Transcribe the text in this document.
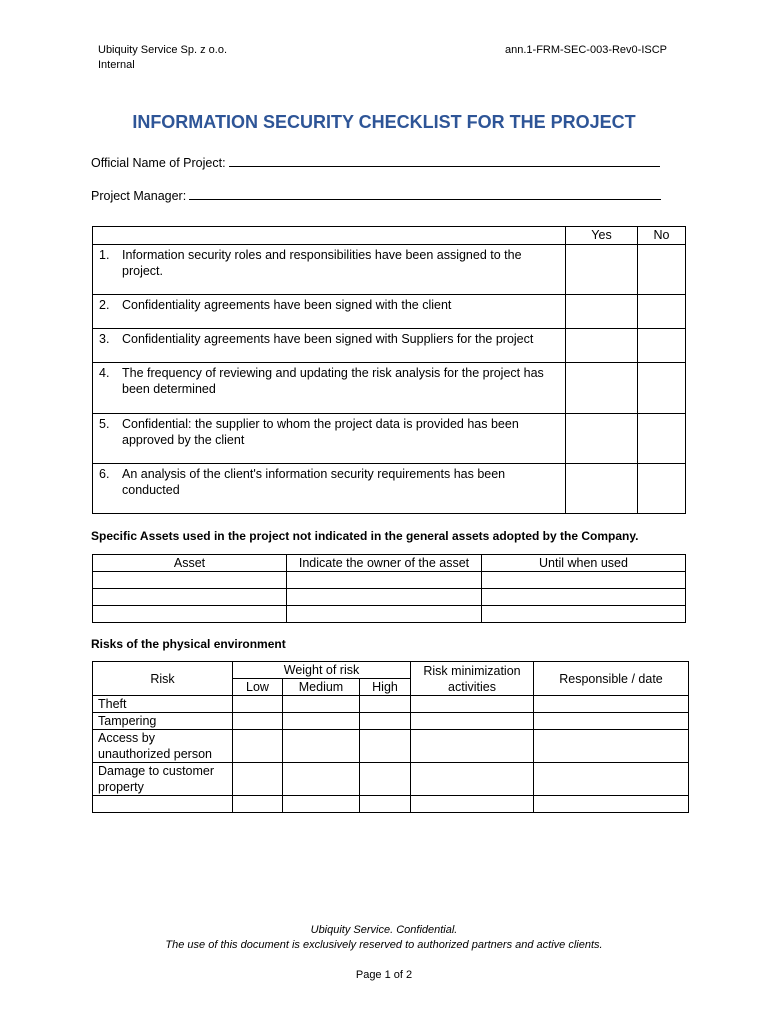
Ubiquity Service Sp. z o.o.
Internal
ann.1-FRM-SEC-003-Rev0-ISCP
INFORMATION SECURITY CHECKLIST FOR THE PROJECT
Official Name of Project:
Project Manager:
	Yes	No

1. Information security roles and responsibilities have been assigned to the project.		

2. Confidentiality agreements have been signed with the client		

3. Confidentiality agreements have been signed with Suppliers for the project		

4. The frequency of reviewing and updating the risk analysis for the project has been determined		

5. Confidential: the supplier to whom the project data is provided has been approved by the client		

6. An analysis of the client's information security requirements has been conducted		

Specific Assets used in the project not indicated in the general assets adopted by the Company.
Asset	Indicate the owner of the asset	Until when used

Risks of the physical environment
Risk	Weight of risk			Risk minimization activities	Responsible / date
	Low	Medium	High		
Theft					
Tampering					
Access by unauthorized person					
Damage to customer property					

Ubiquity Service. Confidential.
The use of this document is exclusively reserved to authorized partners and active clients.
Page 1 of 2
